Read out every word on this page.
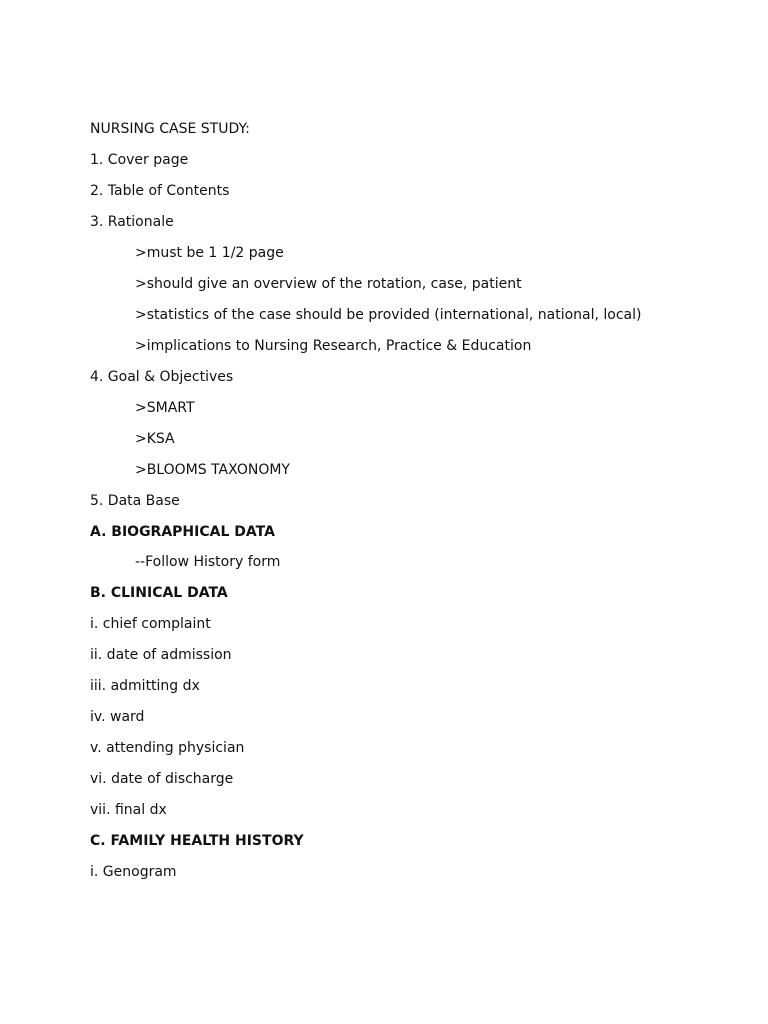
NURSING CASE STUDY:
1. Cover page
2. Table of Contents
3. Rationale
>must be 1 1/2 page
>should give an overview of the rotation, case, patient
>statistics of the case should be provided (international, national, local)
>implications to Nursing Research, Practice & Education
4. Goal & Objectives
>SMART
>KSA
>BLOOMS TAXONOMY
5. Data Base
A. BIOGRAPHICAL DATA
--Follow History form
B. CLINICAL DATA
i. chief complaint
ii. date of admission
iii. admitting dx
iv. ward
v. attending physician
vi. date of discharge
vii. final dx
C. FAMILY HEALTH HISTORY
i. Genogram
